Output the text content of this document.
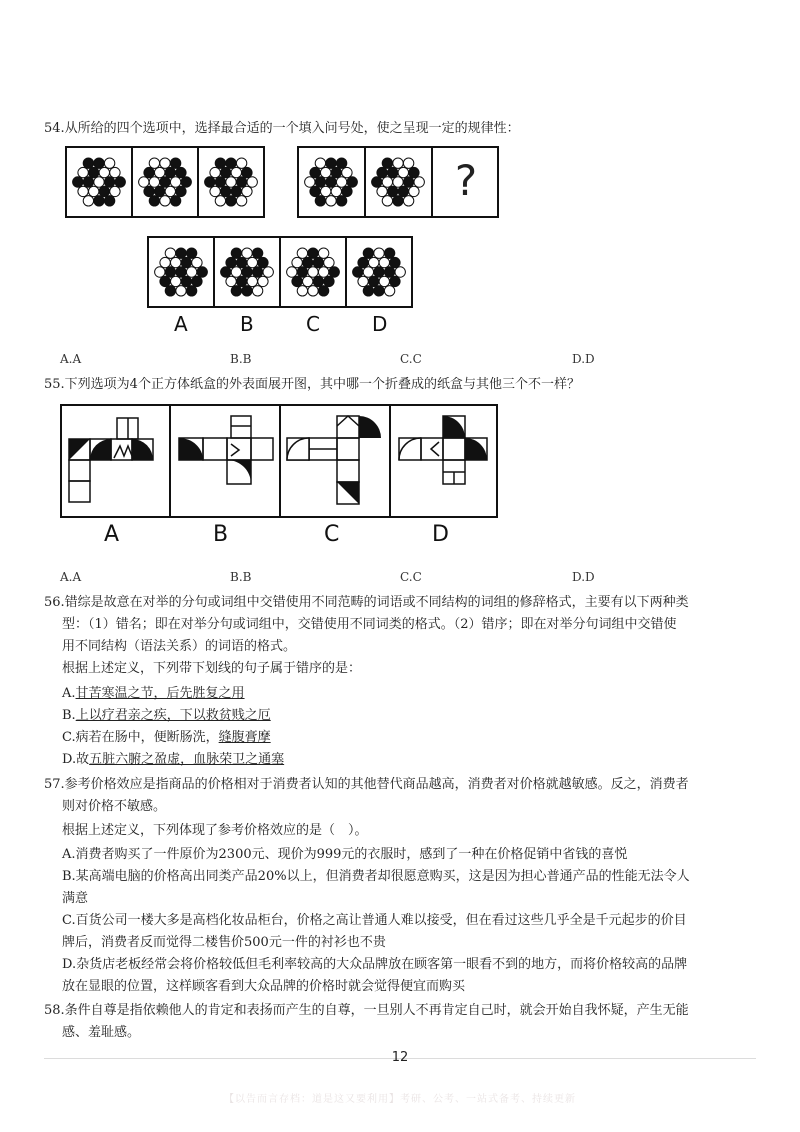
54.从所给的四个选项中，选择最合适的一个填入问号处，使之呈现一定的规律性：
?
A	B	C	D
A.A	B.B	C.C	D.D
55.下列选项为4个正方体纸盒的外表面展开图，其中哪一个折叠成的纸盒与其他三个不一样？
A	B	C	D
A.A	B.B	C.C	D.D
56.错综是故意在对举的分句或词组中交错使用不同范畴的词语或不同结构的词组的修辞格式，主要有以下两种类
型：（1）错名；即在对举分句或词组中，交错使用不同词类的格式。（2）错序；即在对举分句词组中交错使
用不同结构（语法关系）的词语的格式。
根据上述定义，下列带下划线的句子属于错序的是：
A.甘苦寒温之节，后先胜复之用
B.上以疗君亲之疾，下以救贫贱之厄
C.病若在肠中，便断肠洗，缝腹膏摩
D.故五脏六腑之盈虚，血脉荣卫之通塞
57.参考价格效应是指商品的价格相对于消费者认知的其他替代商品越高，消费者对价格就越敏感。反之，消费者
则对价格不敏感。
根据上述定义，下列体现了参考价格效应的是（　）。
A.消费者购买了一件原价为2300元、现价为999元的衣服时，感到了一种在价格促销中省钱的喜悦
B.某高端电脑的价格高出同类产品20%以上，但消费者却很愿意购买，这是因为担心普通产品的性能无法令人
满意
C.百货公司一楼大多是高档化妆品柜台，价格之高让普通人难以接受，但在看过这些几乎全是千元起步的价目
牌后，消费者反而觉得二楼售价500元一件的衬衫也不贵
D.杂货店老板经常会将价格较低但毛利率较高的大众品牌放在顾客第一眼看不到的地方，而将价格较高的品牌
放在显眼的位置，这样顾客看到大众品牌的价格时就会觉得便宜而购买
58.条件自尊是指依赖他人的肯定和表扬而产生的自尊，一旦别人不再肯定自己时，就会开始自我怀疑，产生无能
感、羞耻感。
12
【以告而言存档：道是这又要利用】考研、公考、一站式备考、持续更新
